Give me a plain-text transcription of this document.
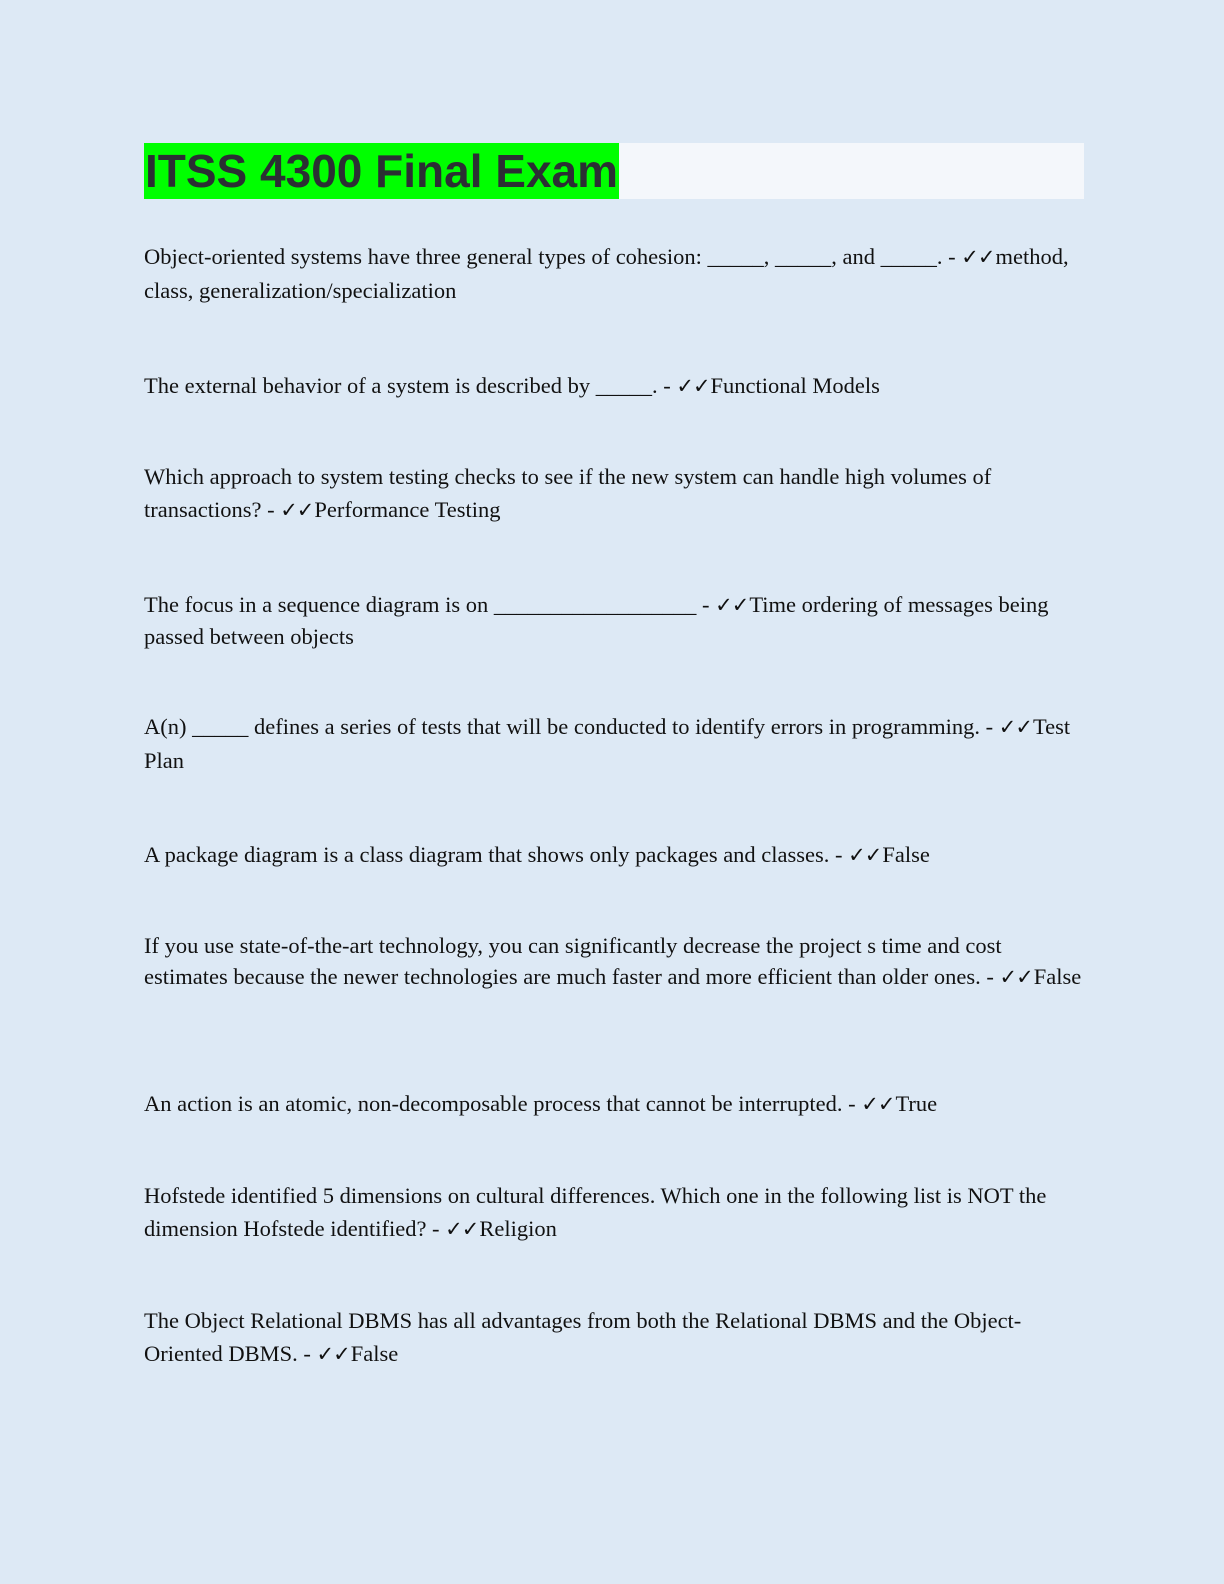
ITSS 4300 Final Exam

Object-oriented systems have three general types of cohesion: _____, _____, and _____. - ✓✓method, class, generalization/specialization

The external behavior of a system is described by _____. - ✓✓Functional Models

Which approach to system testing checks to see if the new system can handle high volumes of transactions? - ✓✓Performance Testing

The focus in a sequence diagram is on __________________ - ✓✓Time ordering of messages being passed between objects

A(n) _____ defines a series of tests that will be conducted to identify errors in programming. - ✓✓Test Plan

A package diagram is a class diagram that shows only packages and classes. - ✓✓False

If you use state-of-the-art technology, you can significantly decrease the project s time and cost estimates because the newer technologies are much faster and more efficient than older ones. - ✓✓False

An action is an atomic, non-decomposable process that cannot be interrupted. - ✓✓True

Hofstede identified 5 dimensions on cultural differences. Which one in the following list is NOT the dimension Hofstede identified? - ✓✓Religion

The Object Relational DBMS has all advantages from both the Relational DBMS and the Object-Oriented DBMS. - ✓✓False
